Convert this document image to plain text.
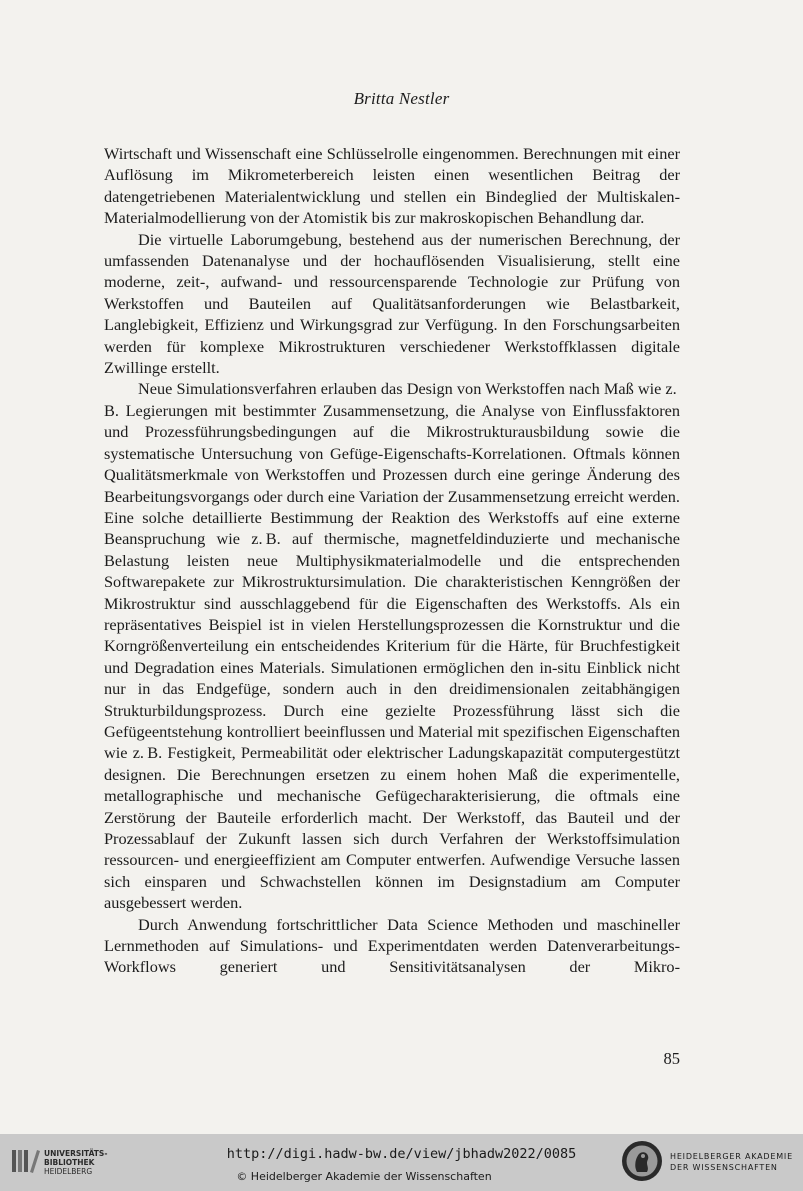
Britta Nestler

Wirtschaft und Wissenschaft eine Schlüsselrolle eingenommen. Berechnungen mit einer Auflösung im Mikrometerbereich leisten einen wesentlichen Beitrag der datengetriebenen Materialentwicklung und stellen ein Bindeglied der Multiskalen-Materialmodellierung von der Atomistik bis zur makroskopischen Behandlung dar.

Die virtuelle Laborumgebung, bestehend aus der numerischen Berechnung, der umfassenden Datenanalyse und der hochauflösenden Visualisierung, stellt eine moderne, zeit-, aufwand- und ressourcensparende Technologie zur Prüfung von Werkstoffen und Bauteilen auf Qualitätsanforderungen wie Belastbarkeit, Langlebigkeit, Effizienz und Wirkungsgrad zur Verfügung. In den Forschungsarbeiten werden für komplexe Mikrostrukturen verschiedener Werkstoffklassen digitale Zwillinge erstellt.

Neue Simulationsverfahren erlauben das Design von Werkstoffen nach Maß wie z. B. Legierungen mit bestimmter Zusammensetzung, die Analyse von Einflussfaktoren und Prozessführungsbedingungen auf die Mikrostrukturausbildung sowie die systematische Untersuchung von Gefüge-Eigenschafts-Korrelationen. Oftmals können Qualitätsmerkmale von Werkstoffen und Prozessen durch eine geringe Änderung des Bearbeitungsvorgangs oder durch eine Variation der Zusammensetzung erreicht werden. Eine solche detaillierte Bestimmung der Reaktion des Werkstoffs auf eine externe Beanspruchung wie z. B. auf thermische, magnetfeldinduzierte und mechanische Belastung leisten neue Multiphysikmaterialmodelle und die entsprechenden Softwarepakete zur Mikrostruktursimulation. Die charakteristischen Kenngrößen der Mikrostruktur sind ausschlaggebend für die Eigenschaften des Werkstoffs. Als ein repräsentatives Beispiel ist in vielen Herstellungsprozessen die Kornstruktur und die Korngrößenverteilung ein entscheidendes Kriterium für die Härte, für Bruchfestigkeit und Degradation eines Materials. Simulationen ermöglichen den in-situ Einblick nicht nur in das Endgefüge, sondern auch in den dreidimensionalen zeitabhängigen Strukturbildungsprozess. Durch eine gezielte Prozessführung lässt sich die Gefügeentstehung kontrolliert beeinflussen und Material mit spezifischen Eigenschaften wie z. B. Festigkeit, Permeabilität oder elektrischer Ladungskapazität computergestützt designen. Die Berechnungen ersetzen zu einem hohen Maß die experimentelle, metallographische und mechanische Gefügecharakterisierung, die oftmals eine Zerstörung der Bauteile erforderlich macht. Der Werkstoff, das Bauteil und der Prozessablauf der Zukunft lassen sich durch Verfahren der Werkstoffsimulation ressourcen- und energieeffizient am Computer entwerfen. Aufwendige Versuche lassen sich einsparen und Schwachstellen können im Designstadium am Computer ausgebessert werden.

Durch Anwendung fortschrittlicher Data Science Methoden und maschineller Lernmethoden auf Simulations- und Experimentdaten werden Datenverarbeitungs-Workflows generiert und Sensitivitätsanalysen der Mikro-

85
UNIVERSITÄTS-
BIBLIOTHEK
HEIDELBERG
http://digi.hadw-bw.de/view/jbhadw2022/0085
© Heidelberger Akademie der Wissenschaften
HEIDELBERGER AKADEMIE
DER WISSENSCHAFTEN
